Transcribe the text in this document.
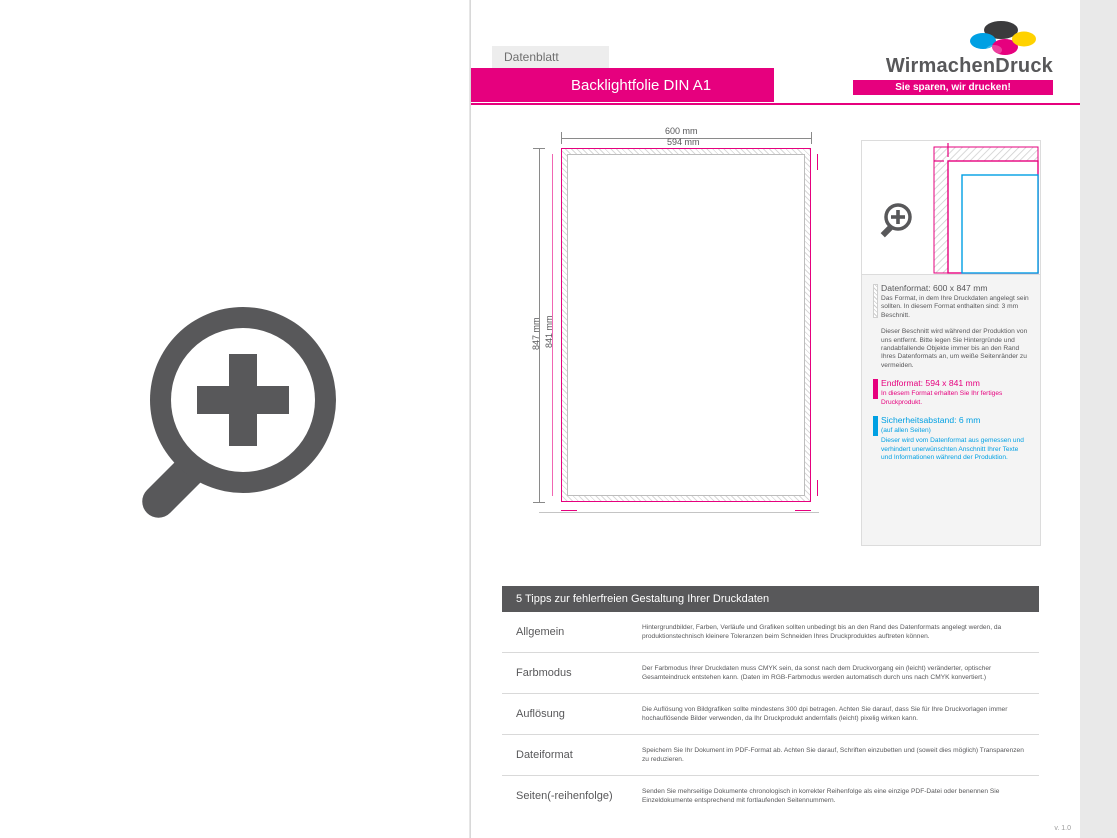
Datenblatt
Backlightfolie DIN A1
WirmachenDruck
Sie sparen, wir drucken!
600 mm
594 mm
847 mm 841 mm

Datenformat: 600 x 847 mm

Das Format, in dem Ihre Druckdaten angelegt sein sollten. In diesem Format enthalten sind: 3 mm Beschnitt.

Dieser Beschnitt wird während der Produktion von uns entfernt. Bitte legen Sie Hintergründe und randabfallende Objekte immer bis an den Rand Ihres Datenformats an, um weiße Seitenränder zu vermeiden.

Endformat: 594 x 841 mm

In diesem Format erhalten Sie Ihr fertiges Druckprodukt.

Sicherheitsabstand: 6 mm

(auf allen Seiten)

Dieser wird vom Datenformat aus gemessen und verhindert unerwünschten Anschnitt Ihrer Texte und Informationen während der Produktion.

5 Tipps zur fehlerfreien Gestaltung Ihrer Druckdaten
Allgemein	Hintergrundbilder, Farben, Verläufe und Grafiken sollten unbedingt bis an den Rand des Datenformats angelegt werden, da produktionstechnisch kleinere Toleranzen beim Schneiden Ihres Druckproduktes auftreten können.
Farbmodus	Der Farbmodus Ihrer Druckdaten muss CMYK sein, da sonst nach dem Druckvorgang ein (leicht) veränderter, optischer Gesamteindruck entstehen kann. (Daten im RGB-Farbmodus werden automatisch durch uns nach CMYK konvertiert.)
Auflösung	Die Auflösung von Bildgrafiken sollte mindestens 300 dpi betragen. Achten Sie darauf, dass Sie für Ihre Druckvorlagen immer hochauflösende Bilder verwenden, da Ihr Druckprodukt andernfalls (leicht) pixelig wirken kann.
Dateiformat	Speichern Sie Ihr Dokument im PDF-Format ab. Achten Sie darauf, Schriften einzubetten und (soweit dies möglich) Transparenzen zu reduzieren.
Seiten(-reihenfolge)	Senden Sie mehrseitige Dokumente chronologisch in korrekter Reihenfolge als eine einzige PDF-Datei oder benennen Sie Einzeldokumente entsprechend mit fortlaufenden Seitennummern.
v. 1.0
